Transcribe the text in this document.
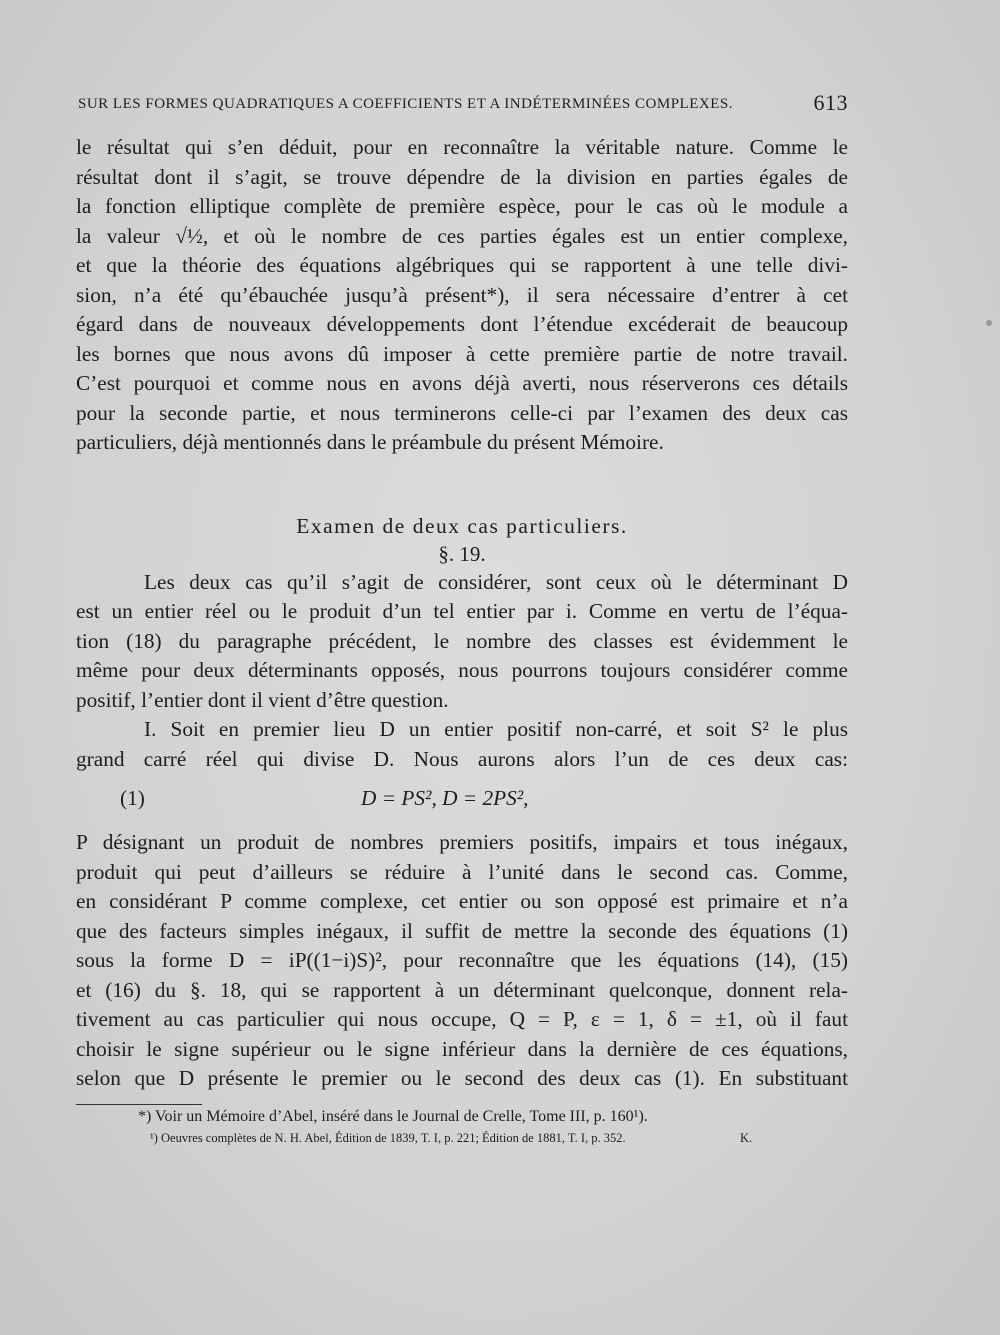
SUR LES FORMES QUADRATIQUES A COEFFICIENTS ET A INDÉTERMINÉES COMPLEXES.	613
le résultat qui s’en déduit, pour en reconnaître la véritable nature. Comme le
résultat dont il s’agit, se trouve dépendre de la division en parties égales de
la fonction elliptique complète de première espèce, pour le cas où le module a
la valeur √½, et où le nombre de ces parties égales est un entier complexe,
et que la théorie des équations algébriques qui se rapportent à une telle divi-
sion, n’a été qu’ébauchée jusqu’à présent*), il sera nécessaire d’entrer à cet
égard dans de nouveaux développements dont l’étendue excéderait de beaucoup
les bornes que nous avons dû imposer à cette première partie de notre travail.
C’est pourquoi et comme nous en avons déjà averti, nous réserverons ces détails
pour la seconde partie, et nous terminerons celle-ci par l’examen des deux cas
particuliers, déjà mentionnés dans le préambule du présent Mémoire.
Examen de deux cas particuliers.
§. 19.
Les deux cas qu’il s’agit de considérer, sont ceux où le déterminant D
est un entier réel ou le produit d’un tel entier par i. Comme en vertu de l’équa-
tion (18) du paragraphe précédent, le nombre des classes est évidemment le
même pour deux déterminants opposés, nous pourrons toujours considérer comme
positif, l’entier dont il vient d’être question.
I. Soit en premier lieu D un entier positif non-carré, et soit S² le plus
grand carré réel qui divise D. Nous aurons alors l’un de ces deux cas:
(1)	D = PS², D = 2PS²,
P désignant un produit de nombres premiers positifs, impairs et tous inégaux,
produit qui peut d’ailleurs se réduire à l’unité dans le second cas. Comme,
en considérant P comme complexe, cet entier ou son opposé est primaire et n’a
que des facteurs simples inégaux, il suffit de mettre la seconde des équations (1)
sous la forme D = iP((1−i)S)², pour reconnaître que les équations (14), (15)
et (16) du §. 18, qui se rapportent à un déterminant quelconque, donnent rela-
tivement au cas particulier qui nous occupe, Q = P, ε = 1, δ = ±1, où il faut
choisir le signe supérieur ou le signe inférieur dans la dernière de ces équations,
selon que D présente le premier ou le second des deux cas (1). En substituant
*) Voir un Mémoire d’Abel, inséré dans le Journal de Crelle, Tome III, p. 160¹).
¹) Oeuvres complètes de N. H. Abel, Édition de 1839, T. I, p. 221; Édition de 1881, T. I, p. 352.	K.
